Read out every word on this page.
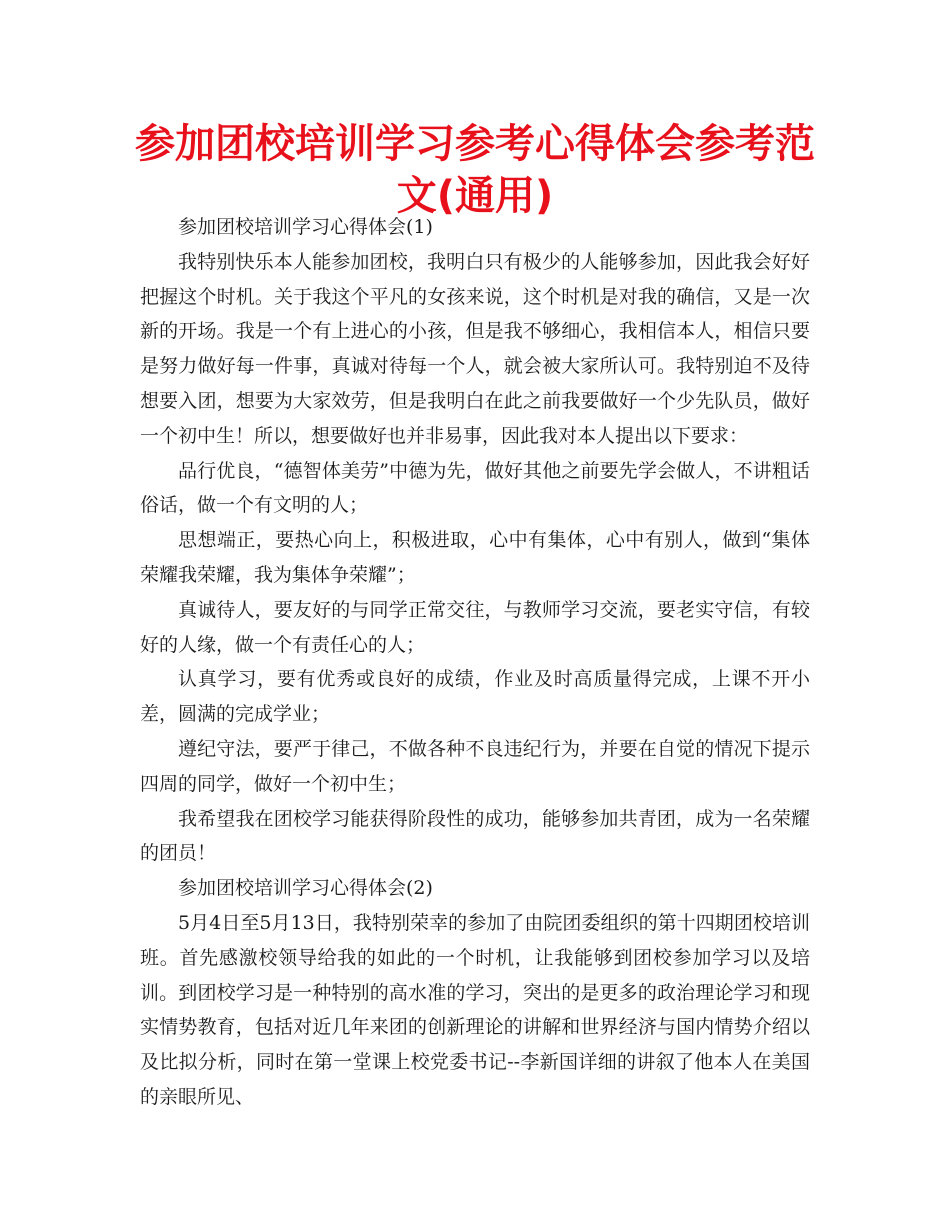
参加团校培训学习参考心得体会参考范文(通用)

参加团校培训学习心得体会(1)

我特别快乐本人能参加团校，我明白只有极少的人能够参加，因此我会好好把握这个时机。关于我这个平凡的女孩来说，这个时机是对我的确信，又是一次新的开场。我是一个有上进心的小孩，但是我不够细心，我相信本人，相信只要是努力做好每一件事，真诚对待每一个人，就会被大家所认可。我特别迫不及待想要入团，想要为大家效劳，但是我明白在此之前我要做好一个少先队员，做好一个初中生！所以，想要做好也并非易事，因此我对本人提出以下要求：

品行优良，“德智体美劳”中德为先，做好其他之前要先学会做人，不讲粗话俗话，做一个有文明的人；

思想端正，要热心向上，积极进取，心中有集体，心中有别人，做到“集体荣耀我荣耀，我为集体争荣耀”；

真诚待人，要友好的与同学正常交往，与教师学习交流，要老实守信，有较好的人缘，做一个有责任心的人；

认真学习，要有优秀或良好的成绩，作业及时高质量得完成，上课不开小差，圆满的完成学业；

遵纪守法，要严于律己，不做各种不良违纪行为，并要在自觉的情况下提示四周的同学，做好一个初中生；

我希望我在团校学习能获得阶段性的成功，能够参加共青团，成为一名荣耀的团员！

参加团校培训学习心得体会(2)

5月4日至5月13日，我特别荣幸的参加了由院团委组织的第十四期团校培训班。首先感激校领导给我的如此的一个时机，让我能够到团校参加学习以及培训。到团校学习是一种特别的高水准的学习，突出的是更多的政治理论学习和现实情势教育，包括对近几年来团的创新理论的讲解和世界经济与国内情势介绍以及比拟分析，同时在第一堂课上校党委书记--李新国详细的讲叙了他本人在美国的亲眼所见、
